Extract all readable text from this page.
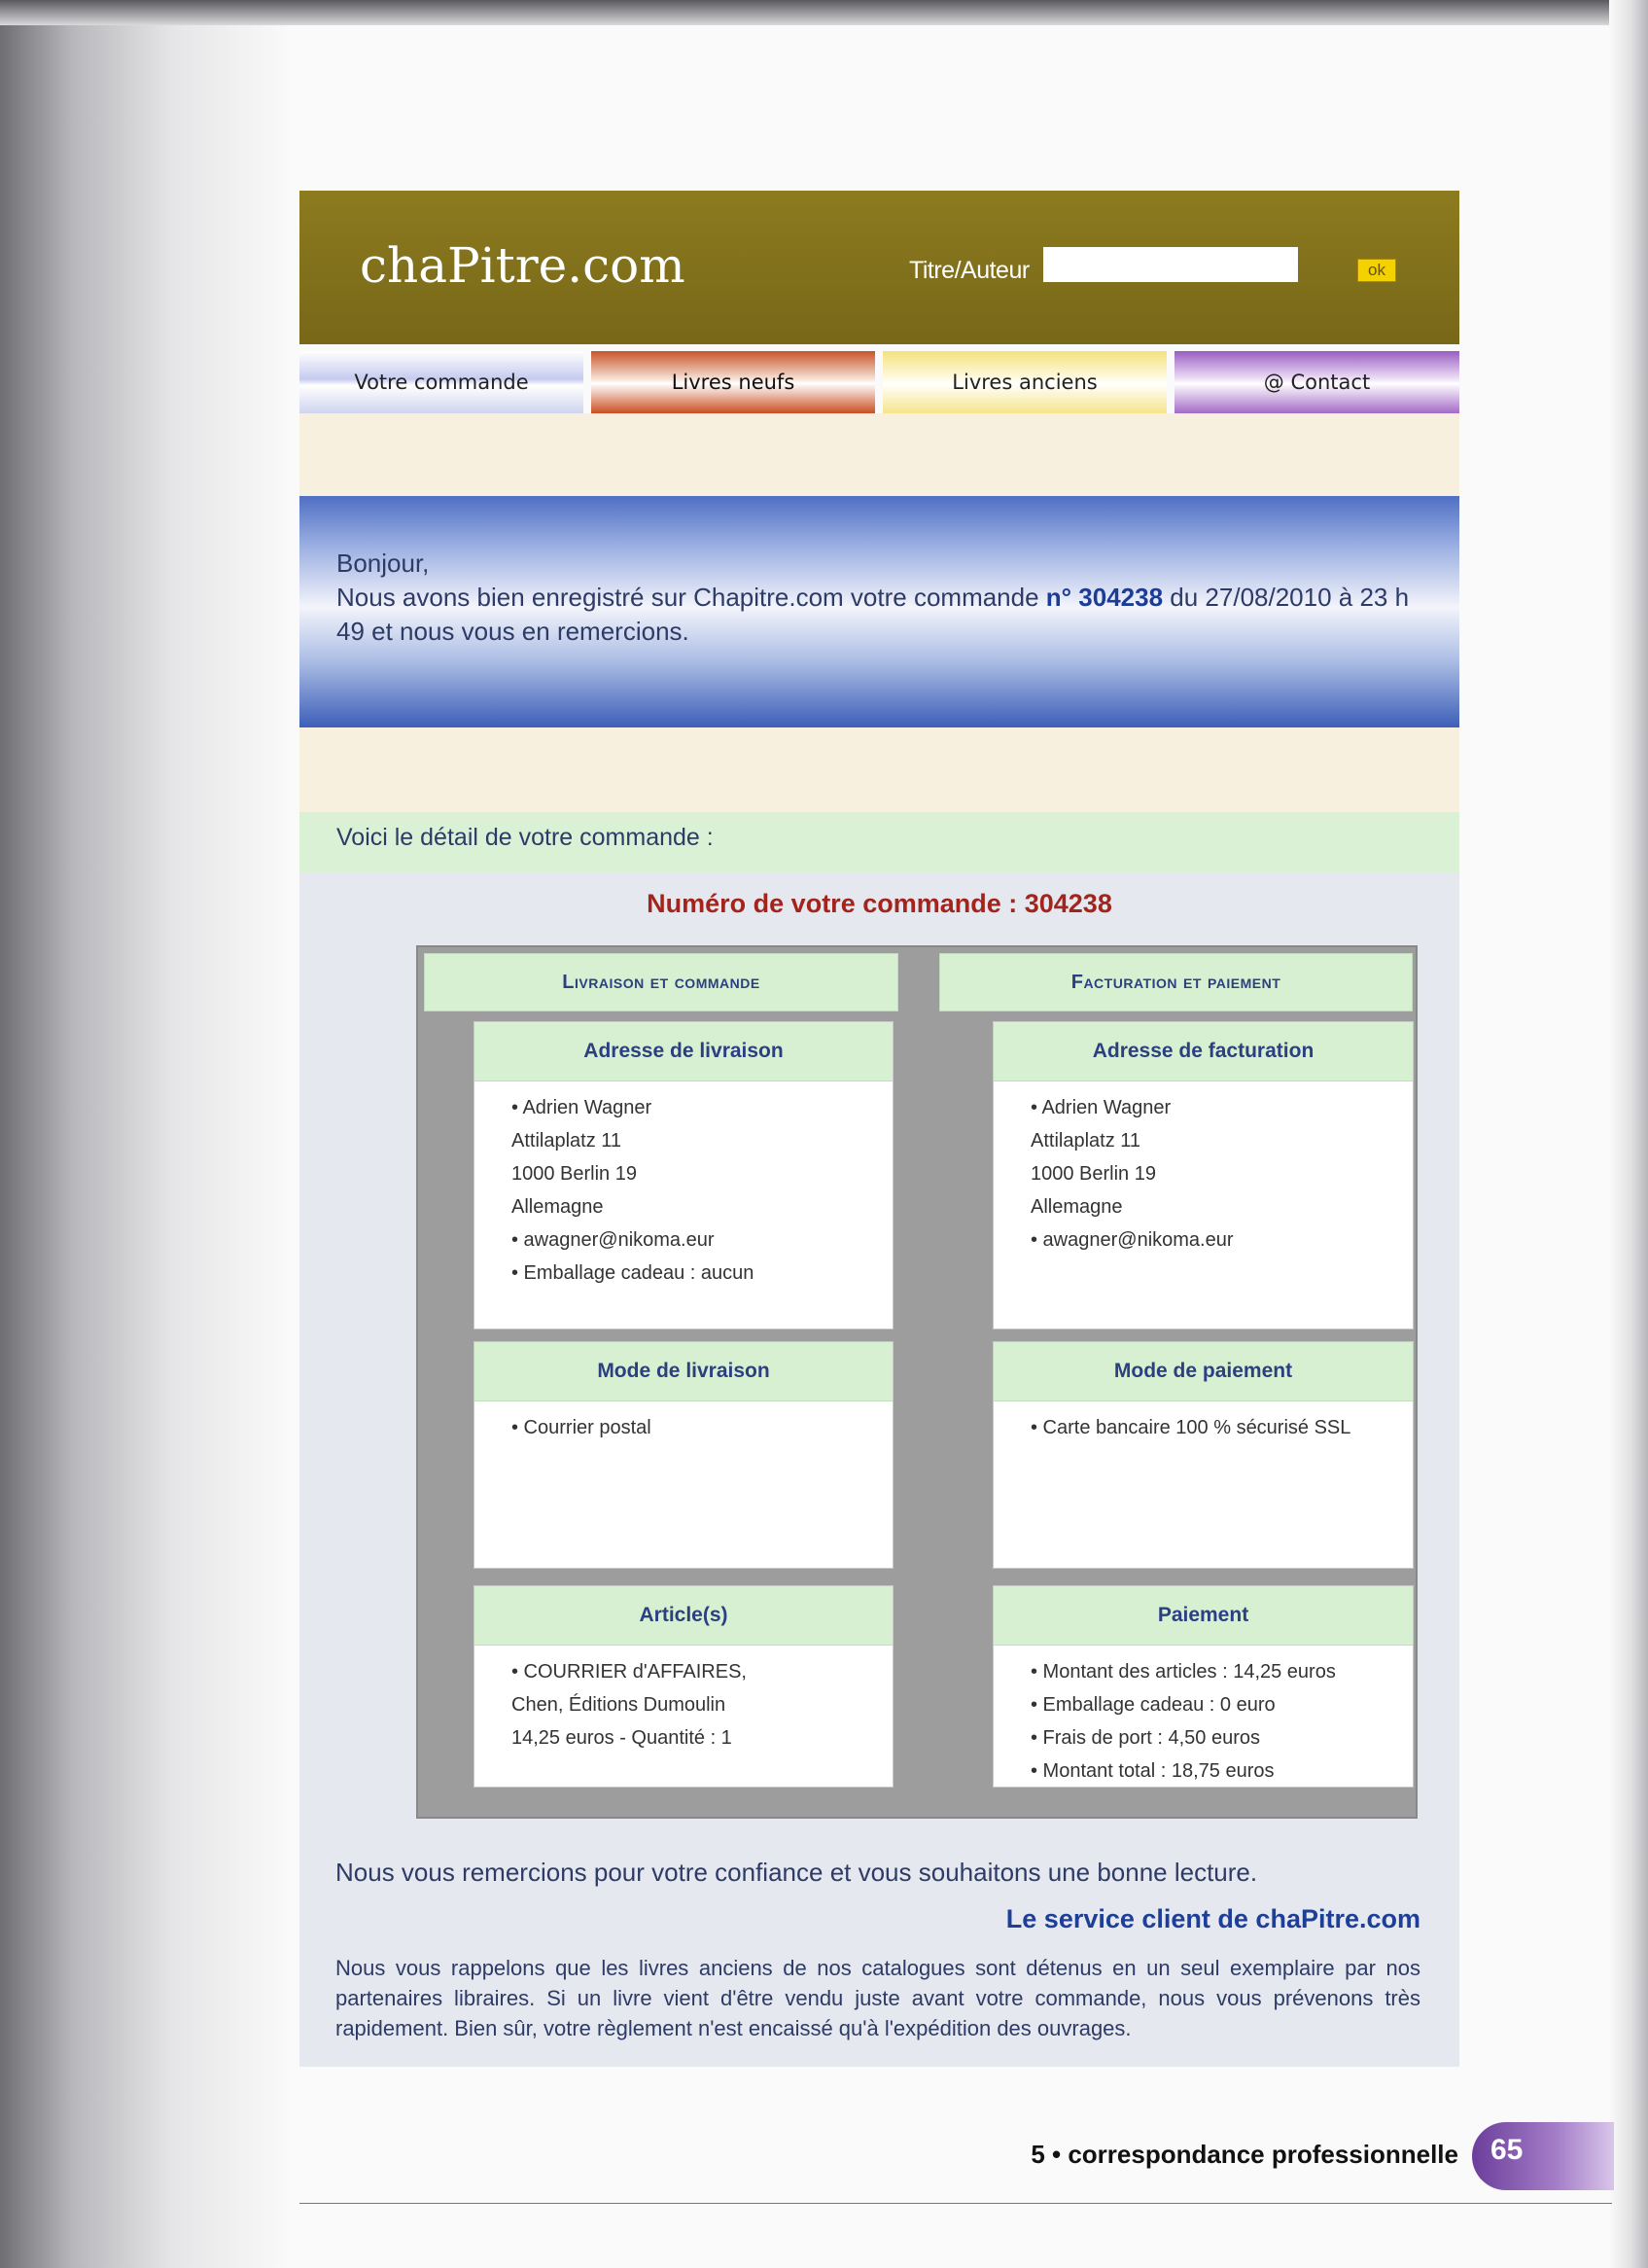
chaPitre.com	Titre/Auteur	ok
Votre commande	Livres neufs	Livres anciens	@ Contact
Bonjour,
Nous avons bien enregistré sur Chapitre.com votre commande n° 304238 du 27/08/2010 à 23 h 49 et nous vous en remercions.
Voici le détail de votre commande :
Numéro de votre commande : 304238
Livraison et commande	Facturation et paiement
Adresse de livraison
• Adrien Wagner
Attilaplatz 11
1000 Berlin 19
Allemagne
• awagner@nikoma.eur
• Emballage cadeau : aucun
Adresse de facturation
• Adrien Wagner
Attilaplatz 11
1000 Berlin 19
Allemagne
• awagner@nikoma.eur
Mode de livraison
• Courrier postal
Mode de paiement
• Carte bancaire 100 % sécurisé SSL
Article(s)
• COURRIER d'AFFAIRES,
Chen, Éditions Dumoulin
14,25 euros - Quantité : 1
Paiement
• Montant des articles : 14,25 euros
• Emballage cadeau : 0 euro
• Frais de port : 4,50 euros
• Montant total : 18,75 euros
Nous vous remercions pour votre confiance et vous souhaitons une bonne lecture.
Le service client de chaPitre.com
Nous vous rappelons que les livres anciens de nos catalogues sont détenus en un seul exemplaire par nos partenaires libraires. Si un livre vient d'être vendu juste avant votre commande, nous vous prévenons très rapidement. Bien sûr, votre règlement n'est encaissé qu'à l'expédition des ouvrages.
5 • correspondance professionnelle 65
